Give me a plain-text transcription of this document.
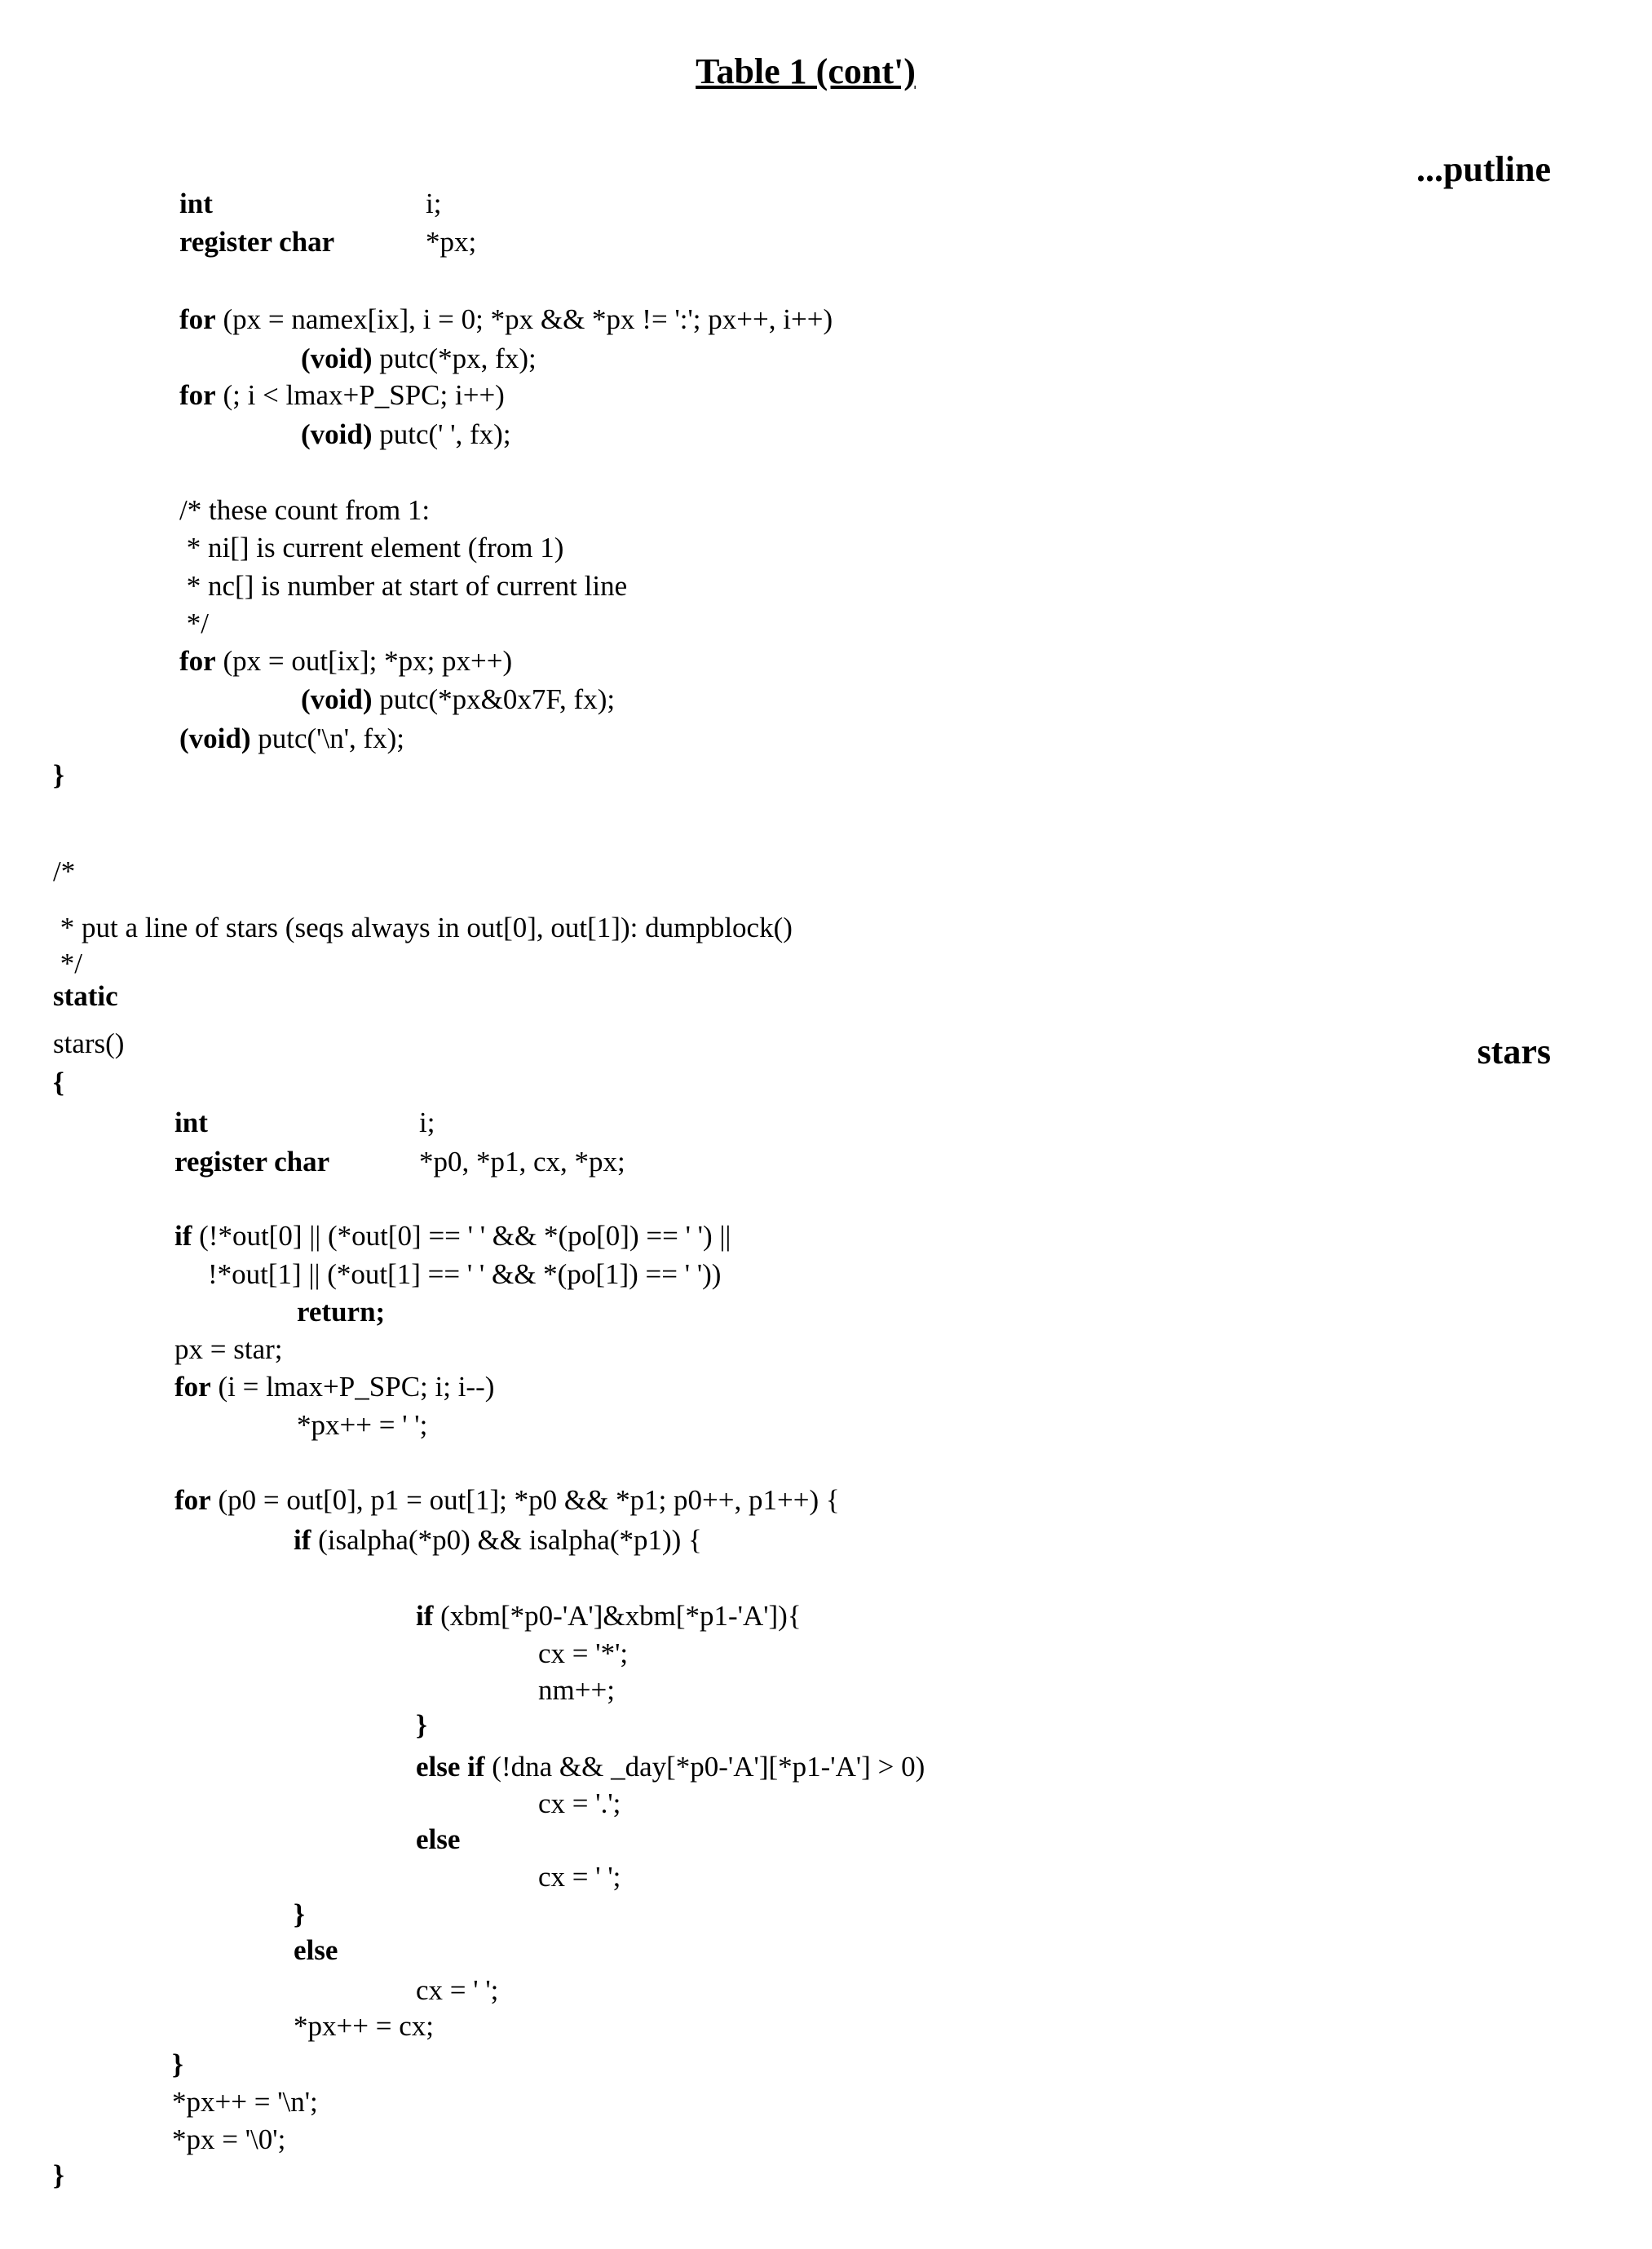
Table 1 (cont')
...putline
stars
int	i;
register char	*px;
for (px = namex[ix], i = 0; *px && *px != ':'; px++, i++)
(void) putc(*px, fx);
for (; i < lmax+P_SPC; i++)
(void) putc(' ', fx);
/* these count from 1:
* ni[] is current element (from 1)
* nc[] is number at start of current line
*/
for (px = out[ix]; *px; px++)
(void) putc(*px&0x7F, fx);
(void) putc('\n', fx);
}
/*
* put a line of stars (seqs always in out[0], out[1]): dumpblock()
*/
static
stars()
{
int	i;
register char	*p0, *p1, cx, *px;
if (!*out[0] || (*out[0] == ' ' && *(po[0]) == ' ') ||
!*out[1] || (*out[1] == ' ' && *(po[1]) == ' '))
return;
px = star;
for (i = lmax+P_SPC; i; i--)
*px++ = ' ';
for (p0 = out[0], p1 = out[1]; *p0 && *p1; p0++, p1++) {
if (isalpha(*p0) && isalpha(*p1)) {
if (xbm[*p0-'A']&xbm[*p1-'A']){
cx = '*';
nm++;
}
else if (!dna && _day[*p0-'A'][*p1-'A'] > 0)
cx = '.';
else
cx = ' ';
}
else
cx = ' ';
*px++ = cx;
}
*px++ = '\n';
*px = '\0';
}
